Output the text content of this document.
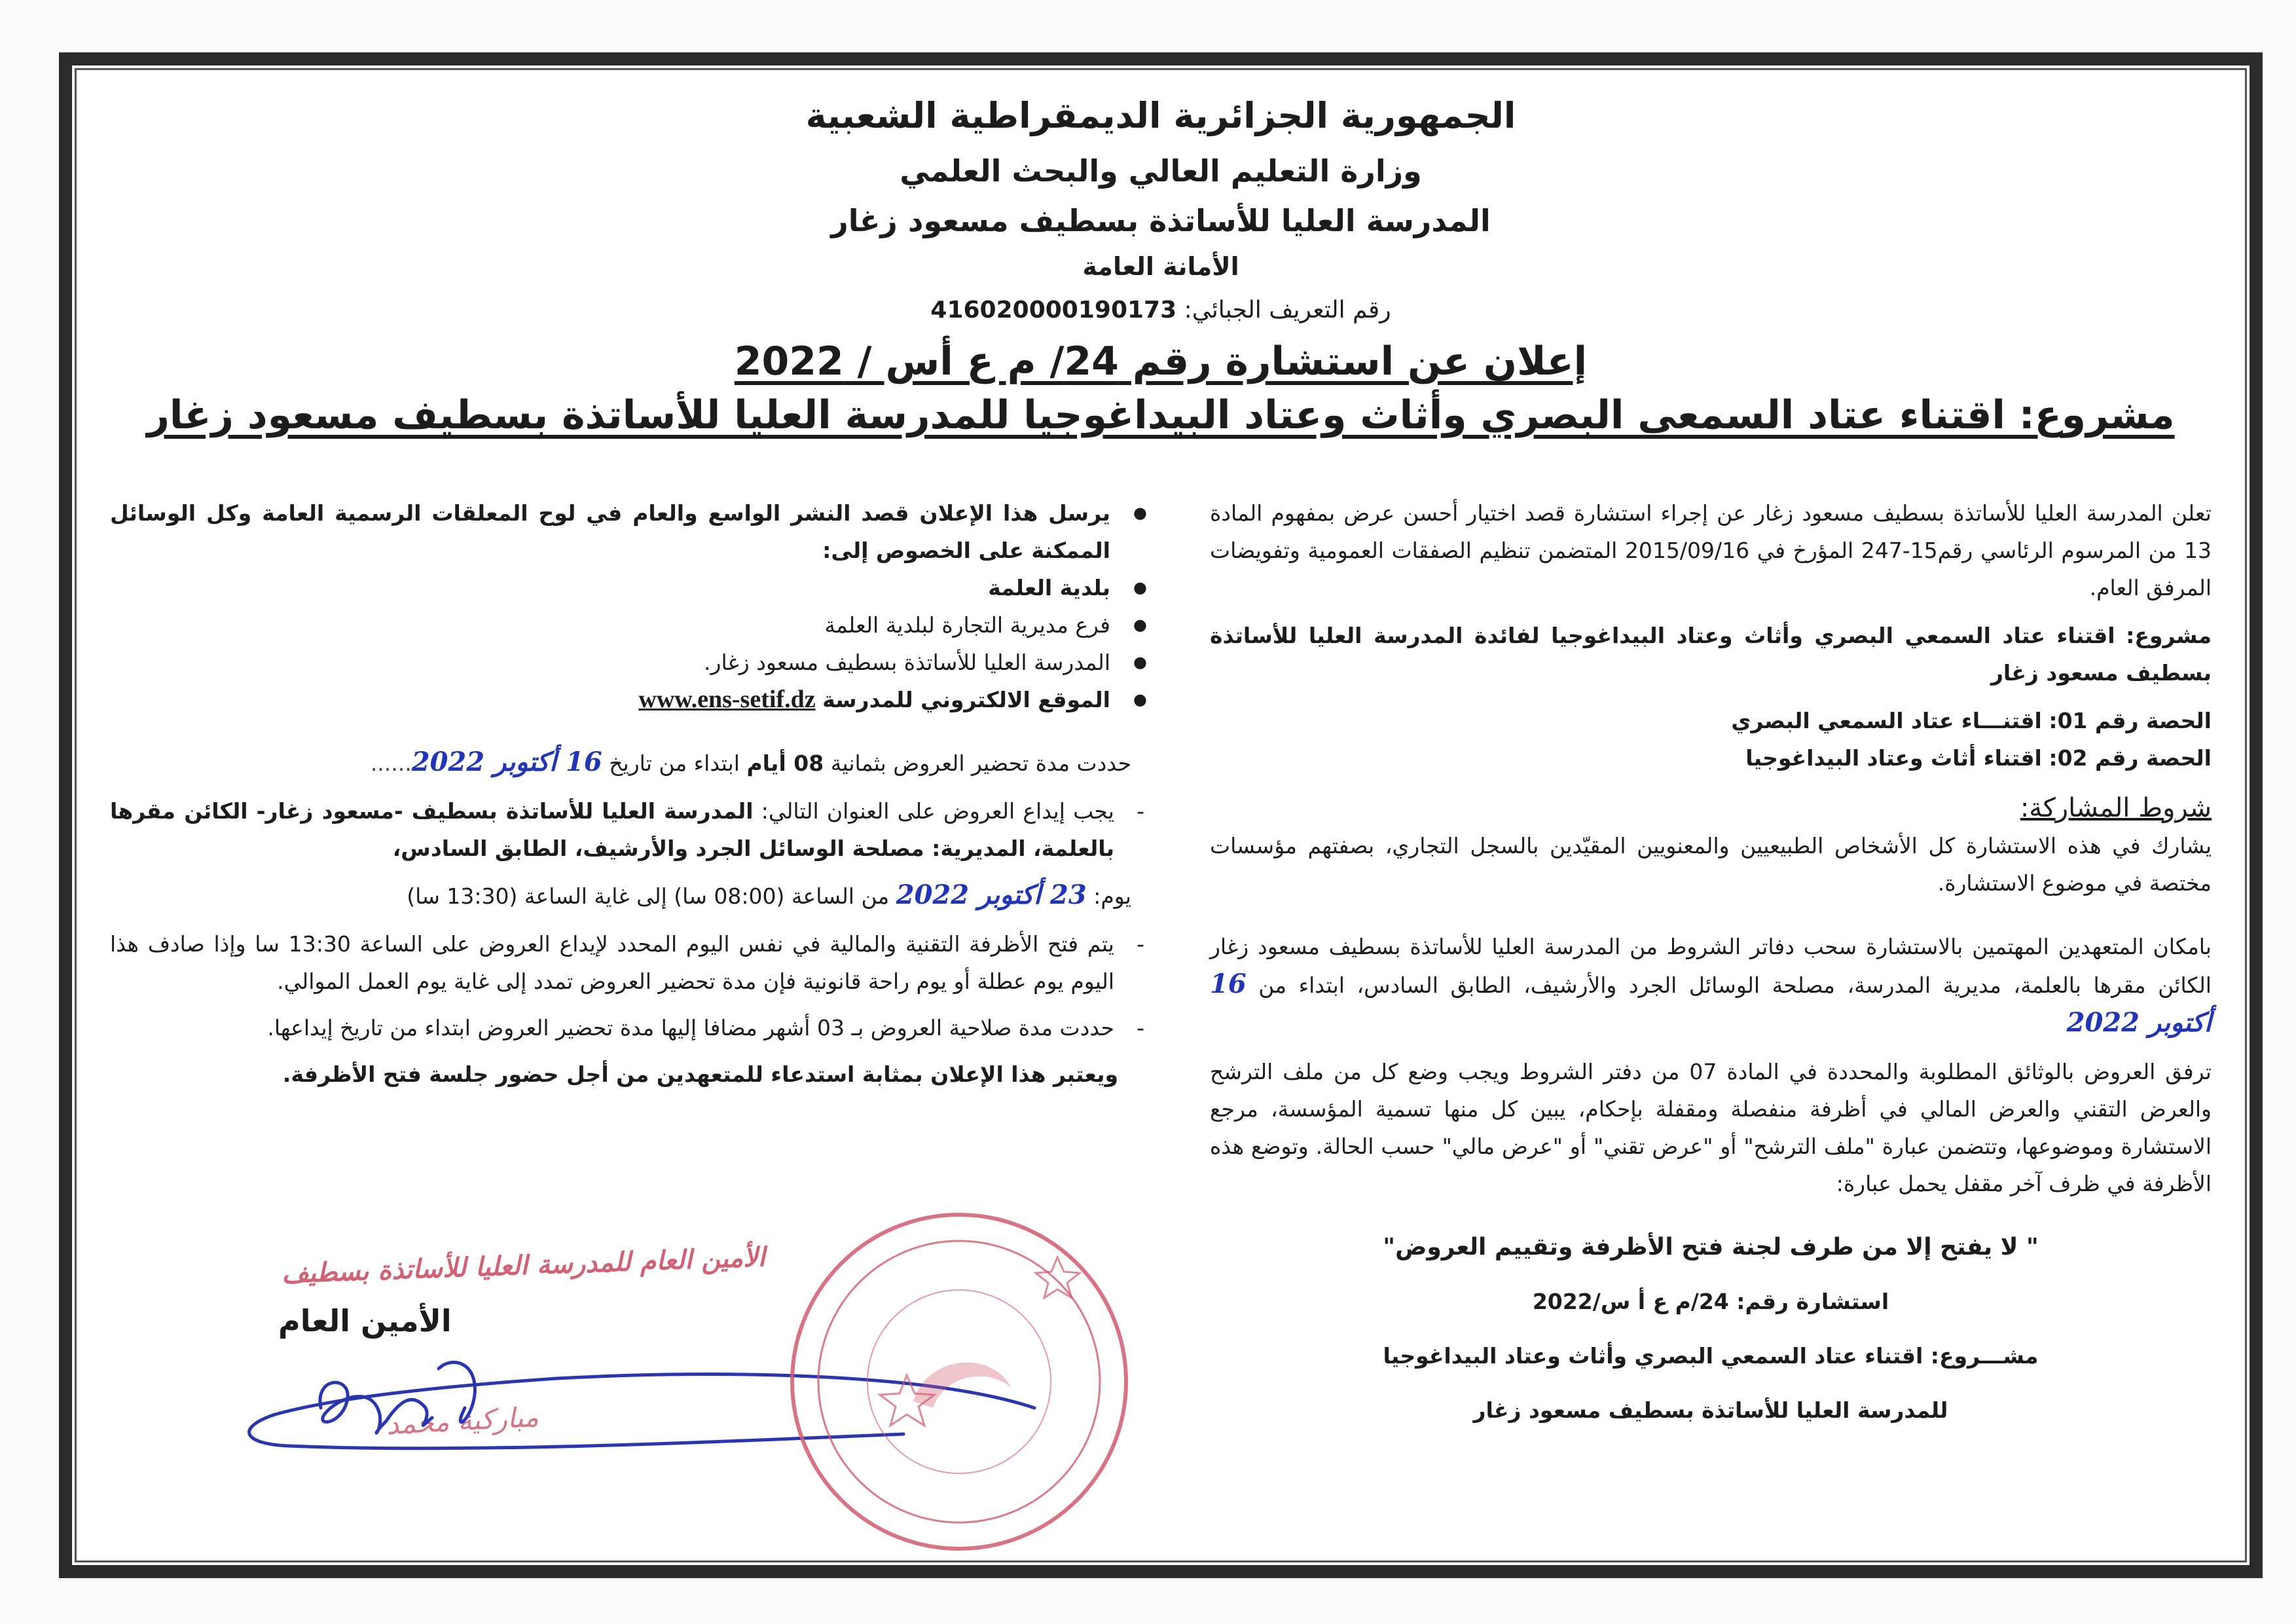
الجمهورية الجزائرية الديمقراطية الشعبية
وزارة التعليم العالي والبحث العلمي
المدرسة العليا للأساتذة بسطيف مسعود زغار
الأمانة العامة
رقم التعريف الجبائي: 416020000190173
إعلان عن استشارة رقم 24/ م ع أس / 2022
مشروع: اقتناء عتاد السمعى البصري وأثاث وعتاد البيداغوجيا للمدرسة العليا للأساتذة بسطيف مسعود زغار

تعلن المدرسة العليا للأساتذة بسطيف مسعود زغار عن إجراء استشارة قصد اختيار أحسن عرض بمفهوم المادة 13 من المرسوم الرئاسي رقم15-247 المؤرخ في 2015/09/16 المتضمن تنظيم الصفقات العمومية وتفويضات المرفق العام.

مشروع: اقتناء عتاد السمعي البصري وأثاث وعتاد البيداغوجيا لفائدة المدرسة العليا للأساتذة بسطيف مسعود زغار

الحصة رقم 01: اقتنـــاء عتاد السمعي البصري
الحصة رقم 02: اقتناء أثاث وعتاد البيداغوجيا
شروط المشاركة:

يشارك في هذه الاستشارة كل الأشخاص الطبيعيين والمعنويين المقيّدين بالسجل التجاري، بصفتهم مؤسسات مختصة في موضوع الاستشارة.

بامكان المتعهدين المهتمين بالاستشارة سحب دفاتر الشروط من المدرسة العليا للأساتذة بسطيف مسعود زغار الكائن مقرها بالعلمة، مديرية المدرسة، مصلحة الوسائل الجرد والأرشيف، الطابق السادس، ابتداء من 16 أكتوبر 2022

ترفق العروض بالوثائق المطلوبة والمحددة في المادة 07 من دفتر الشروط ويجب وضع كل من ملف الترشح والعرض التقني والعرض المالي في أظرفة منفصلة ومقفلة بإحكام، يبين كل منها تسمية المؤسسة، مرجع الاستشارة وموضوعها، وتتضمن عبارة "ملف الترشح" أو "عرض تقني" أو "عرض مالي" حسب الحالة. وتوضع هذه الأظرفة في ظرف آخر مقفل يحمل عبارة:

" لا يفتح إلا من طرف لجنة فتح الأظرفة وتقييم العروض"
استشارة رقم: 24/م ع أ س/2022
مشـــروع: اقتناء عتاد السمعي البصري وأثاث وعتاد البيداغوجيا
للمدرسة العليا للأساتذة بسطيف مسعود زغار
● يرسل هذا الإعلان قصد النشر الواسع والعام في لوح المعلقات الرسمية العامة وكل الوسائل الممكنة على الخصوص إلى:
● بلدية العلمة
● فرع مديرية التجارة لبلدية العلمة
● المدرسة العليا للأساتذة بسطيف مسعود زغار.
● الموقع الالكتروني للمدرسة www.ens-setif.dz

حددت مدة تحضير العروض بثمانية 08 أيام ابتداء من تاريخ 16 أكتوبر 2022......

- يجب إيداع العروض على العنوان التالي: المدرسة العليا للأساتذة بسطيف -مسعود زغار- الكائن مقرها بالعلمة، المديرية: مصلحة الوسائل الجرد والأرشيف، الطابق السادس،

يوم: 23 أكتوبر 2022 من الساعة (08:00 سا) إلى غاية الساعة (13:30 سا)

- يتم فتح الأظرفة التقنية والمالية في نفس اليوم المحدد لإيداع العروض على الساعة 13:30 سا وإذا صادف هذا اليوم يوم عطلة أو يوم راحة قانونية فإن مدة تحضير العروض تمدد إلى غاية يوم العمل الموالي.

- حددت مدة صلاحية العروض بـ 03 أشهر مضافا إليها مدة تحضير العروض ابتداء من تاريخ إيداعها.

ويعتبر هذا الإعلان بمثابة استدعاء للمتعهدين من أجل حضور جلسة فتح الأظرفة.

الأمين العام للمدرسة العليا للأساتذة بسطيف
الأمين العام
مباركية محمد
